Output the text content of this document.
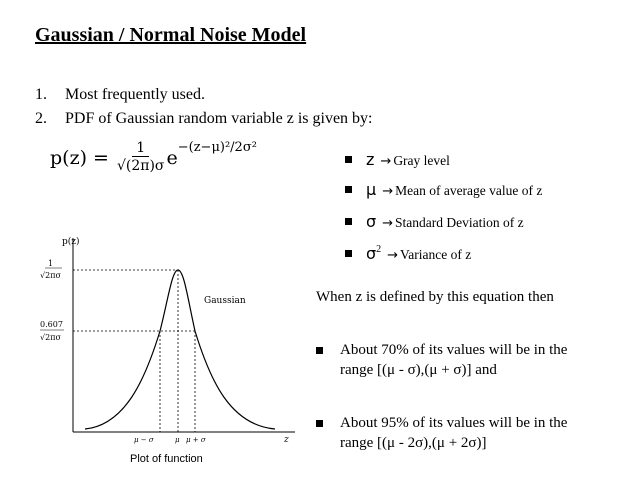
Gaussian / Normal Noise Model
1. Most frequently used.
2. PDF of Gaussian random variable z is given by:
$p(z) = \frac{1}{√(2\pi)\sigma}$ e −(z−μ)²/2σ²
z → Gray level
μ → Mean of average value of z
σ → Standard Deviation of z
σ 2 → Variance of z
When z is defined by this equation then
About 70% of its values will be in the
range [(μ - σ),(μ + σ)] and
About 95% of its values will be in the
range [(μ - 2σ),(μ + 2σ)]
p(z)
z
1
√2πσ
0.607
√2πσ
Gaussian
μ − σ	μ μ + σ
Plot of function
